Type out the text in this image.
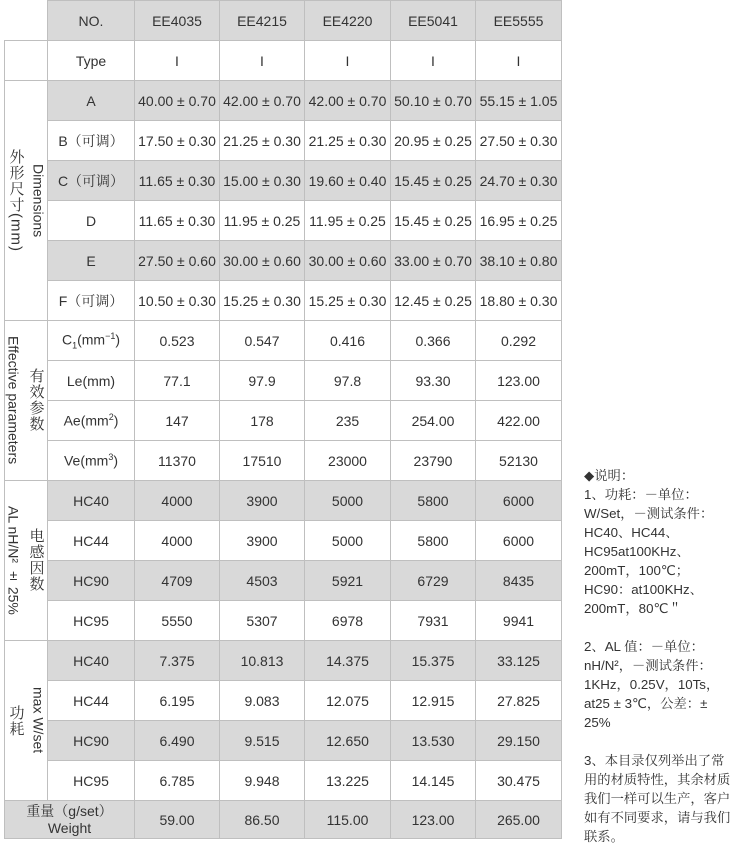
	NO.	EE4035	EE4215	EE4220	EE5041	EE5555
	Type	I	I	I	I	I

外形尺寸(mm) Dimensions	A	40.00 ± 0.70	42.00 ± 0.70	42.00 ± 0.70	50.10 ± 0.70	55.15 ± 1.05
	B（可调）	17.50 ± 0.30	21.25 ± 0.30	21.25 ± 0.30	20.95 ± 0.25	27.50 ± 0.30
	C（可调）	11.65 ± 0.30	15.00 ± 0.30	19.60 ± 0.40	15.45 ± 0.25	24.70 ± 0.30
	D	11.65 ± 0.30	11.95 ± 0.25	11.95 ± 0.25	15.45 ± 0.25	16.95 ± 0.25
	E	27.50 ± 0.60	30.00 ± 0.60	30.00 ± 0.60	33.00 ± 0.70	38.10 ± 0.80
	F（可调）	10.50 ± 0.30	15.25 ± 0.30	15.25 ± 0.30	12.45 ± 0.25	18.80 ± 0.30

Effective parameters 有效参数	$C_1(mm^{-1})$	0.523	0.547	0.416	0.366	0.292
	Le(mm)	77.1	97.9	97.8	93.30	123.00
	$Ae(mm^2)$	147	178	235	254.00	422.00
	$Ve(mm^3)$	11370	17510	23000	23790	52130

AL nH/N² ± 25% 电感因数	HC40	4000	3900	5000	5800	6000
	HC44	4000	3900	5000	5800	6000
	HC90	4709	4503	5921	6729	8435
	HC95	5550	5307	6978	7931	9941

功耗 max W/set	HC40	7.375	10.813	14.375	15.375	33.125
	HC44	6.195	9.083	12.075	12.915	27.825
	HC90	6.490	9.515	12.650	13.530	29.150
	HC95	6.785	9.948	13.225	14.145	30.475

重量（g/set）
Weight		59.00	86.50	115.00	123.00	265.00

◆说明：
1、功耗：－单位：W/Set，－测试条件：HC40、HC44、HC95at100KHz、200mT，100℃；HC90：at100KHz、200mT，80℃＂

2、AL 值：－单位：nH/N²，－测试条件：1KHz，0.25V，10Ts，at25 ± 3℃，公差：± 25%

3、本目录仅列举出了常用的材质特性，其余材质我们一样可以生产，客户如有不同要求，请与我们联系。
